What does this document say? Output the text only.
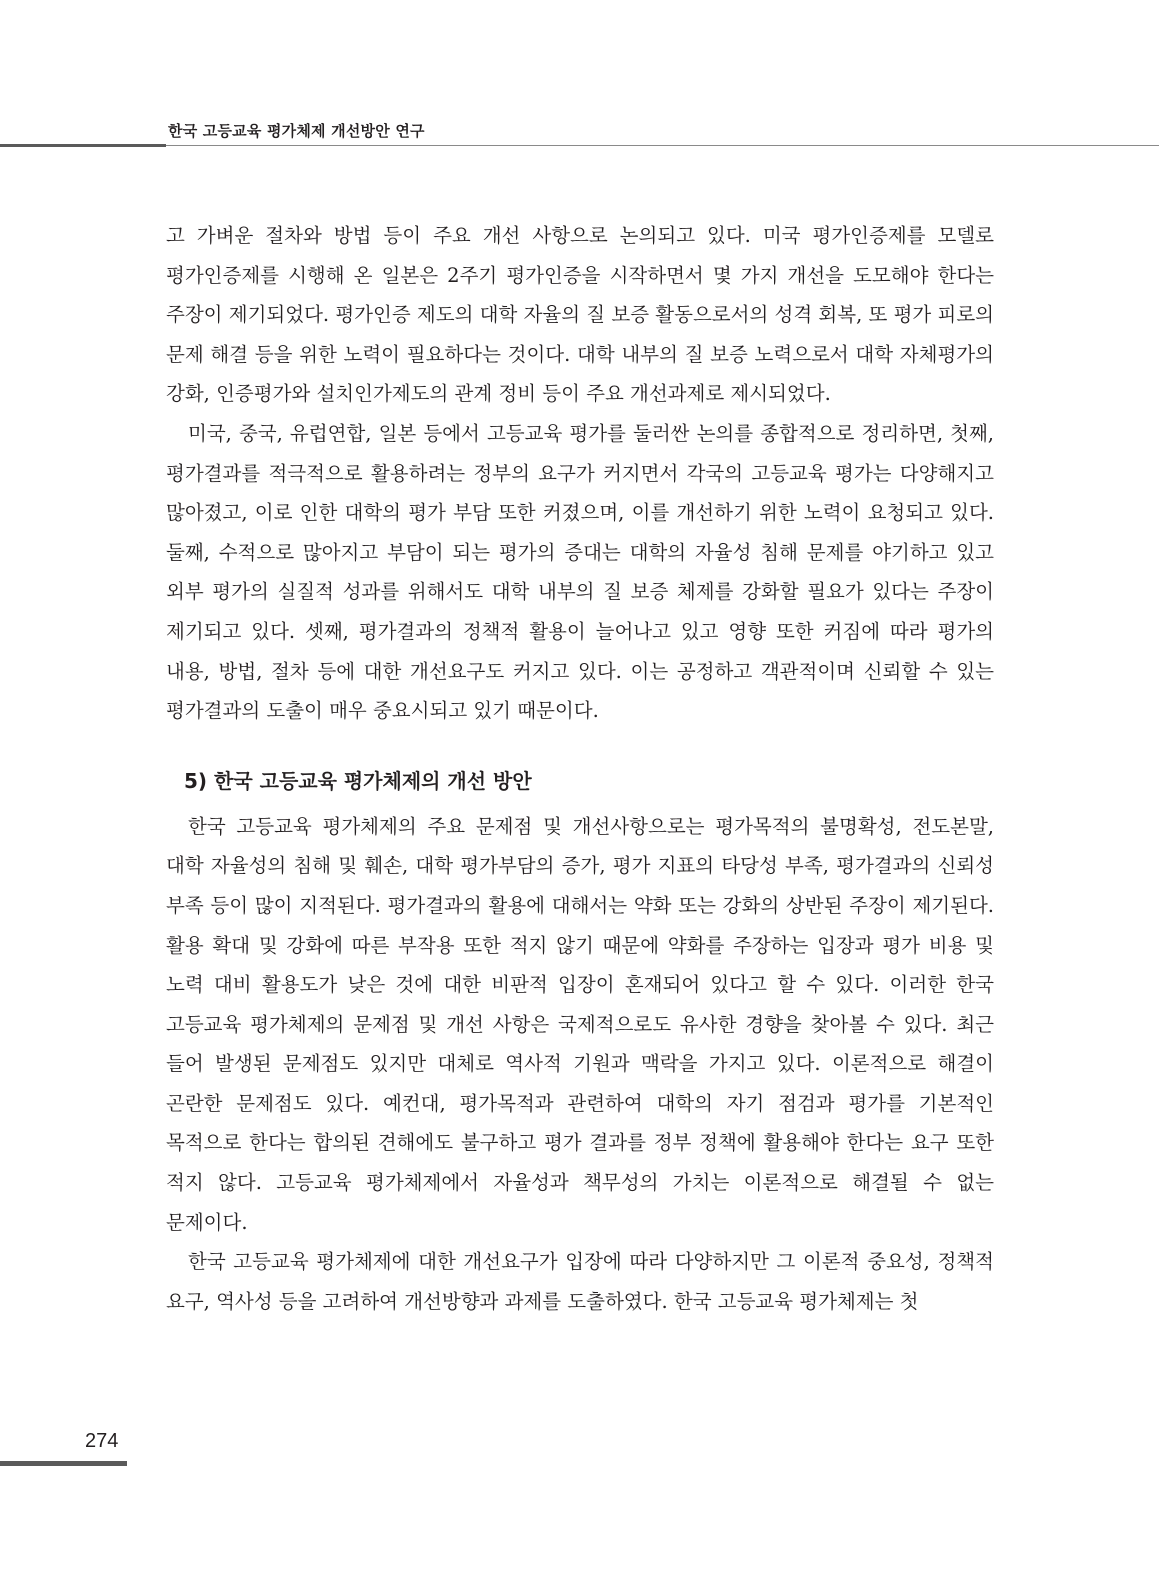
한국 고등교육 평가체제 개선방안 연구

고 가벼운 절차와 방법 등이 주요 개선 사항으로 논의되고 있다. 미국 평가인증제를 모델로 평가인증제를 시행해 온 일본은 2주기 평가인증을 시작하면서 몇 가지 개선을 도모해야 한다는 주장이 제기되었다. 평가인증 제도의 대학 자율의 질 보증 활동으로서의 성격 회복, 또 평가 피로의 문제 해결 등을 위한 노력이 필요하다는 것이다. 대학 내부의 질 보증 노력으로서 대학 자체평가의 강화, 인증평가와 설치인가제도의 관계 정비 등이 주요 개선과제로 제시되었다.

미국, 중국, 유럽연합, 일본 등에서 고등교육 평가를 둘러싼 논의를 종합적으로 정리하면, 첫째, 평가결과를 적극적으로 활용하려는 정부의 요구가 커지면서 각국의 고등교육 평가는 다양해지고 많아졌고, 이로 인한 대학의 평가 부담 또한 커졌으며, 이를 개선하기 위한 노력이 요청되고 있다. 둘째, 수적으로 많아지고 부담이 되는 평가의 증대는 대학의 자율성 침해 문제를 야기하고 있고 외부 평가의 실질적 성과를 위해서도 대학 내부의 질 보증 체제를 강화할 필요가 있다는 주장이 제기되고 있다. 셋째, 평가결과의 정책적 활용이 늘어나고 있고 영향 또한 커짐에 따라 평가의 내용, 방법, 절차 등에 대한 개선요구도 커지고 있다. 이는 공정하고 객관적이며 신뢰할 수 있는 평가결과의 도출이 매우 중요시되고 있기 때문이다.

5) 한국 고등교육 평가체제의 개선 방안

한국 고등교육 평가체제의 주요 문제점 및 개선사항으로는 평가목적의 불명확성, 전도본말, 대학 자율성의 침해 및 훼손, 대학 평가부담의 증가, 평가 지표의 타당성 부족, 평가결과의 신뢰성 부족 등이 많이 지적된다. 평가결과의 활용에 대해서는 약화 또는 강화의 상반된 주장이 제기된다. 활용 확대 및 강화에 따른 부작용 또한 적지 않기 때문에 약화를 주장하는 입장과 평가 비용 및 노력 대비 활용도가 낮은 것에 대한 비판적 입장이 혼재되어 있다고 할 수 있다. 이러한 한국 고등교육 평가체제의 문제점 및 개선 사항은 국제적으로도 유사한 경향을 찾아볼 수 있다. 최근 들어 발생된 문제점도 있지만 대체로 역사적 기원과 맥락을 가지고 있다. 이론적으로 해결이 곤란한 문제점도 있다. 예컨대, 평가목적과 관련하여 대학의 자기 점검과 평가를 기본적인 목적으로 한다는 합의된 견해에도 불구하고 평가 결과를 정부 정책에 활용해야 한다는 요구 또한 적지 않다. 고등교육 평가체제에서 자율성과 책무성의 가치는 이론적으로 해결될 수 없는 문제이다.

한국 고등교육 평가체제에 대한 개선요구가 입장에 따라 다양하지만 그 이론적 중요성, 정책적 요구, 역사성 등을 고려하여 개선방향과 과제를 도출하였다. 한국 고등교육 평가체제는 첫

274
